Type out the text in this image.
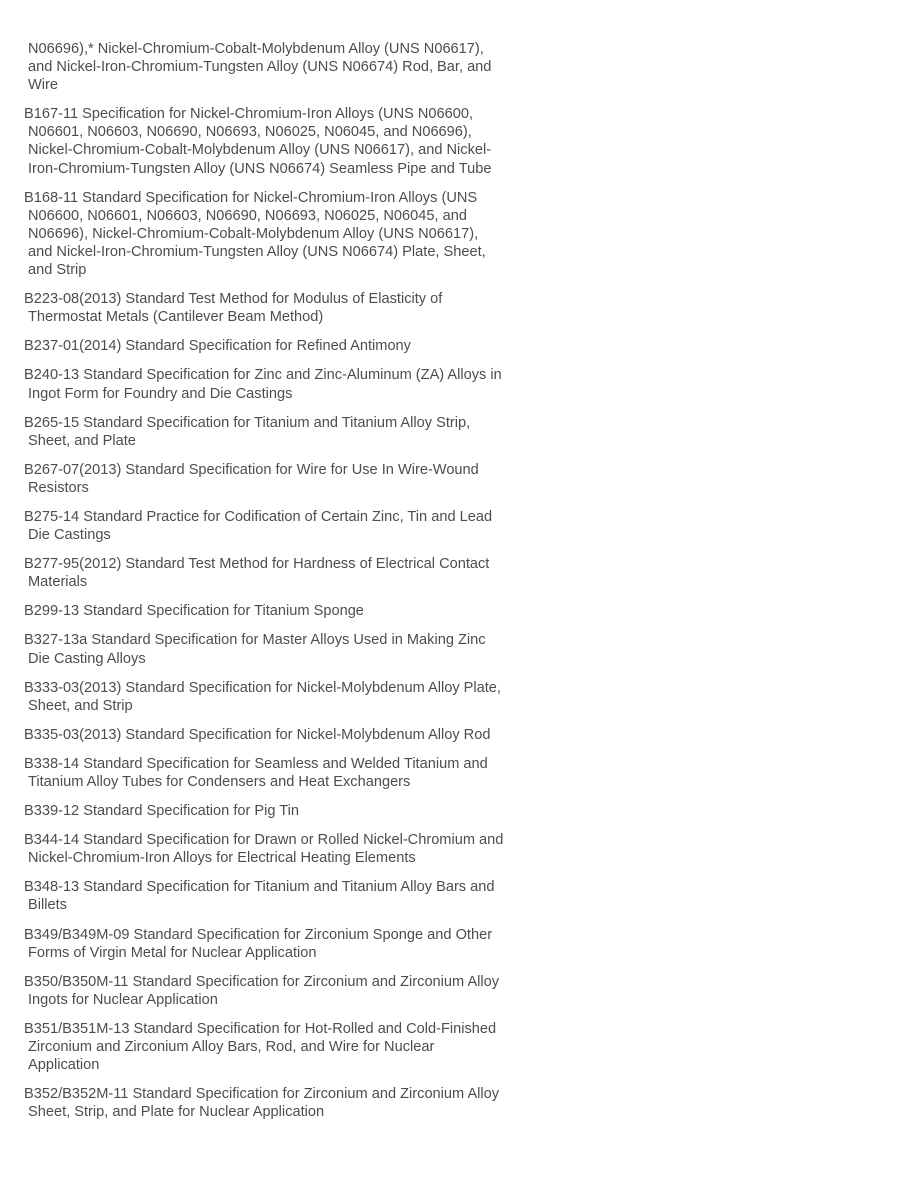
N06696),* Nickel-Chromium-Cobalt-Molybdenum Alloy (UNS N06617),
and Nickel-Iron-Chromium-Tungsten Alloy (UNS N06674) Rod, Bar, and
Wire
B167-11 Specification for Nickel-Chromium-Iron Alloys (UNS N06600,
N06601, N06603, N06690, N06693, N06025, N06045, and N06696),
Nickel-Chromium-Cobalt-Molybdenum Alloy (UNS N06617), and Nickel-
Iron-Chromium-Tungsten Alloy (UNS N06674) Seamless Pipe and Tube
B168-11 Standard Specification for Nickel-Chromium-Iron Alloys (UNS
N06600, N06601, N06603, N06690, N06693, N06025, N06045, and
N06696), Nickel-Chromium-Cobalt-Molybdenum Alloy (UNS N06617),
and Nickel-Iron-Chromium-Tungsten Alloy (UNS N06674) Plate, Sheet,
and Strip
B223-08(2013) Standard Test Method for Modulus of Elasticity of
Thermostat Metals (Cantilever Beam Method)
B237-01(2014) Standard Specification for Refined Antimony
B240-13 Standard Specification for Zinc and Zinc-Aluminum (ZA) Alloys in
Ingot Form for Foundry and Die Castings
B265-15 Standard Specification for Titanium and Titanium Alloy Strip,
Sheet, and Plate
B267-07(2013) Standard Specification for Wire for Use In Wire-Wound
Resistors
B275-14 Standard Practice for Codification of Certain Zinc, Tin and Lead
Die Castings
B277-95(2012) Standard Test Method for Hardness of Electrical Contact
Materials
B299-13 Standard Specification for Titanium Sponge
B327-13a Standard Specification for Master Alloys Used in Making Zinc
Die Casting Alloys
B333-03(2013) Standard Specification for Nickel-Molybdenum Alloy Plate,
Sheet, and Strip
B335-03(2013) Standard Specification for Nickel-Molybdenum Alloy Rod
B338-14 Standard Specification for Seamless and Welded Titanium and
Titanium Alloy Tubes for Condensers and Heat Exchangers
B339-12 Standard Specification for Pig Tin
B344-14 Standard Specification for Drawn or Rolled Nickel-Chromium and
Nickel-Chromium-Iron Alloys for Electrical Heating Elements
B348-13 Standard Specification for Titanium and Titanium Alloy Bars and
Billets
B349/B349M-09 Standard Specification for Zirconium Sponge and Other
Forms of Virgin Metal for Nuclear Application
B350/B350M-11 Standard Specification for Zirconium and Zirconium Alloy
Ingots for Nuclear Application
B351/B351M-13 Standard Specification for Hot-Rolled and Cold-Finished
Zirconium and Zirconium Alloy Bars, Rod, and Wire for Nuclear
Application
B352/B352M-11 Standard Specification for Zirconium and Zirconium Alloy
Sheet, Strip, and Plate for Nuclear Application
